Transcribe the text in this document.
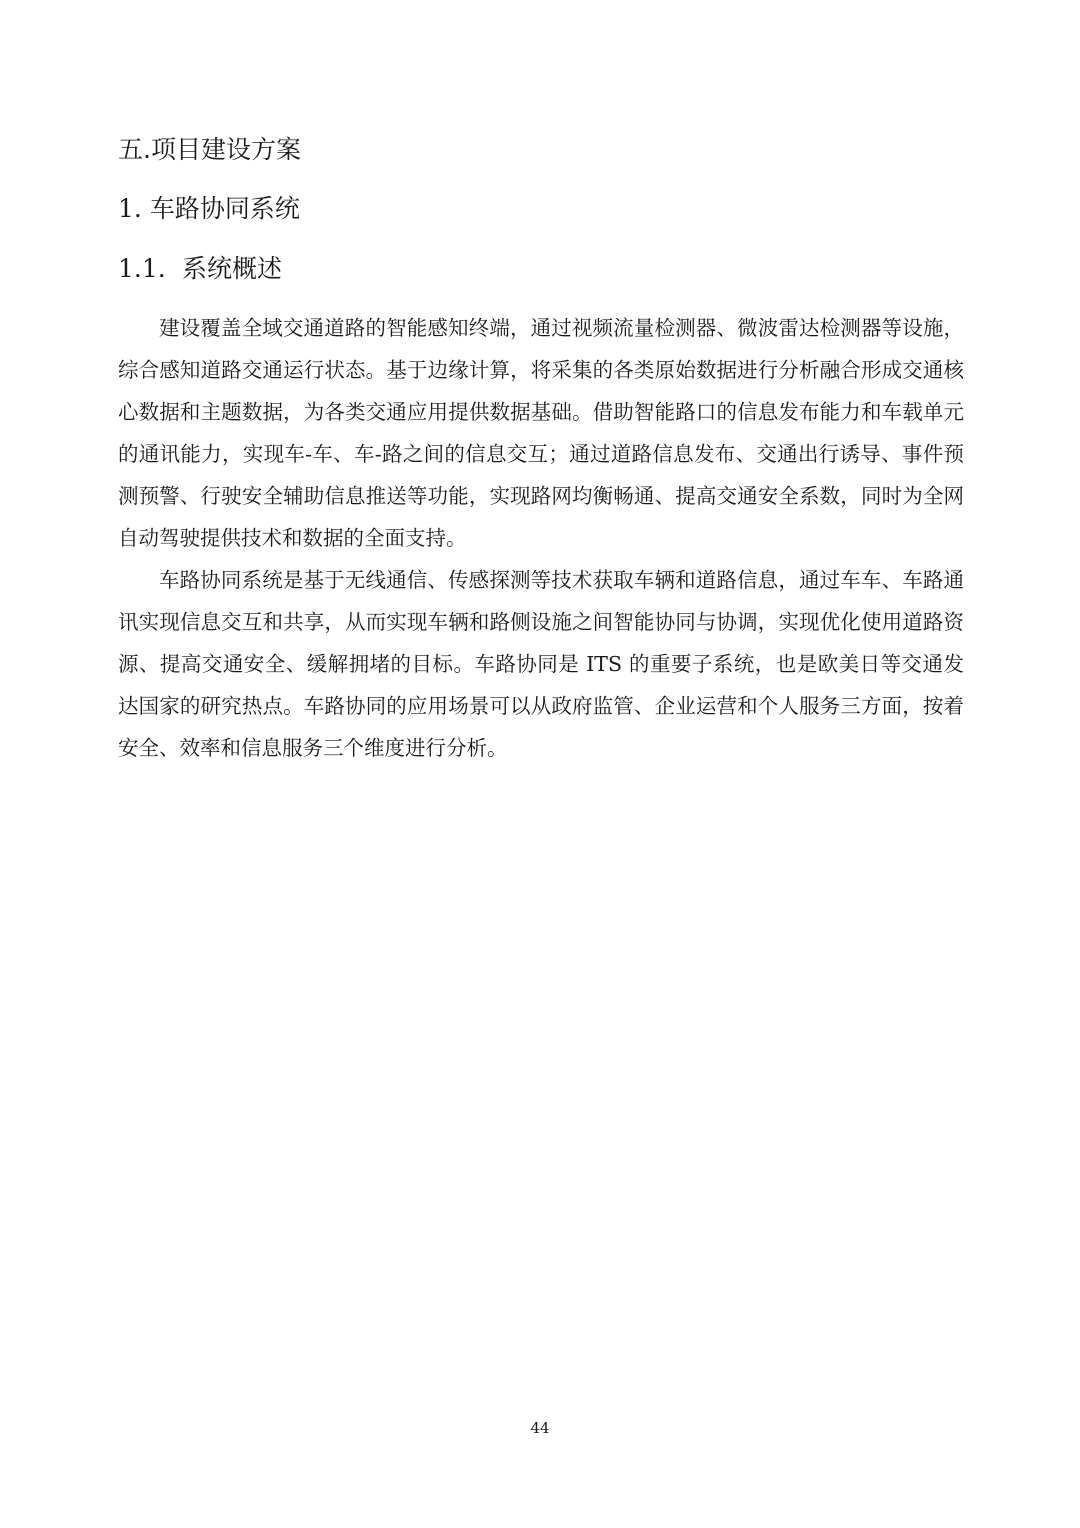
五.项目建设方案
1. 车路协同系统
1.1. 系统概述

建设覆盖全域交通道路的智能感知终端，通过视频流量检测器、微波雷达检测器等设施，综合感知道路交通运行状态。基于边缘计算，将采集的各类原始数据进行分析融合形成交通核心数据和主题数据，为各类交通应用提供数据基础。借助智能路口的信息发布能力和车载单元的通讯能力，实现车-车、车-路之间的信息交互；通过道路信息发布、交通出行诱导、事件预测预警、行驶安全辅助信息推送等功能，实现路网均衡畅通、提高交通安全系数，同时为全网自动驾驶提供技术和数据的全面支持。

车路协同系统是基于无线通信、传感探测等技术获取车辆和道路信息，通过车车、车路通讯实现信息交互和共享，从而实现车辆和路侧设施之间智能协同与协调，实现优化使用道路资源、提高交通安全、缓解拥堵的目标。车路协同是 ITS 的重要子系统，也是欧美日等交通发达国家的研究热点。车路协同的应用场景可以从政府监管、企业运营和个人服务三方面，按着安全、效率和信息服务三个维度进行分析。

44
